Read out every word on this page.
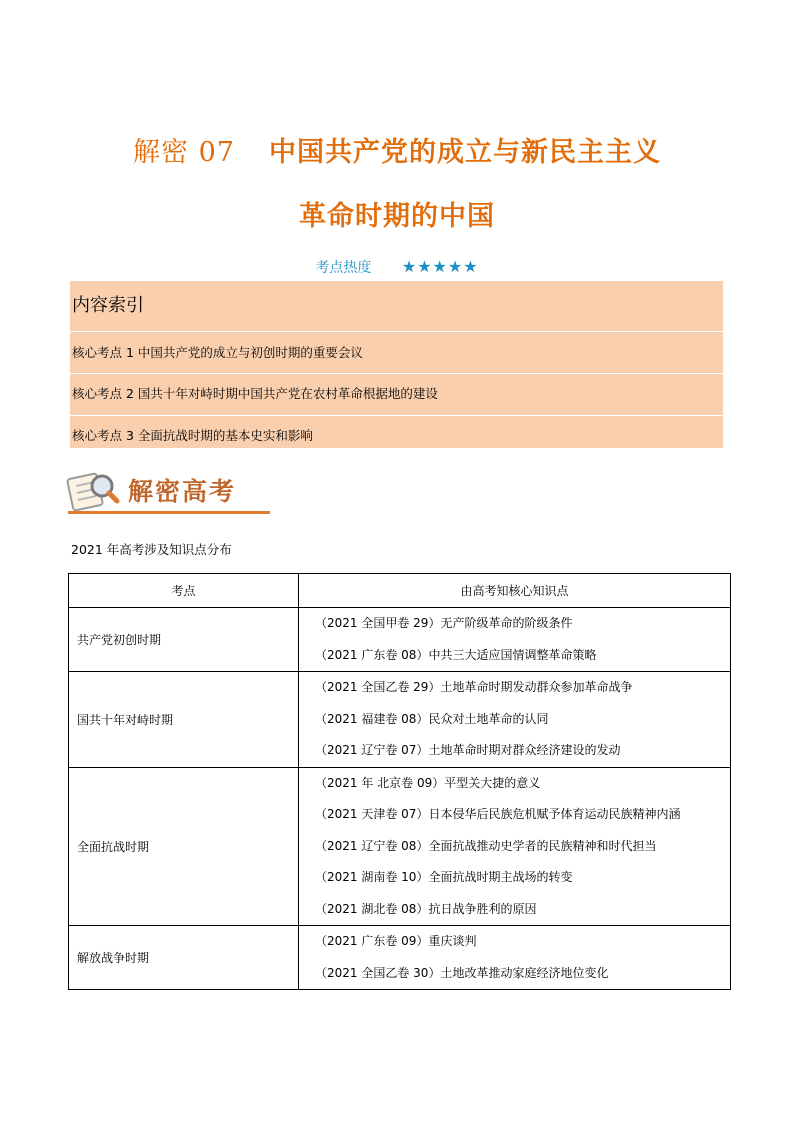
解密 07 中国共产党的成立与新民主主义
革命时期的中国
考点热度 ★★★★★
内容索引
核心考点 1 中国共产党的成立与初创时期的重要会议
核心考点 2 国共十年对峙时期中国共产党在农村革命根据地的建设
核心考点 3 全面抗战时期的基本史实和影响
解密高考
2021 年高考涉及知识点分布
考点	由高考知核心知识点
共产党初创时期	（2021 全国甲卷 29）无产阶级革命的阶级条件
（2021 广东卷 08）中共三大适应国情调整革命策略

国共十年对峙时期	（2021 全国乙卷 29）土地革命时期发动群众参加革命战争
（2021 福建卷 08）民众对土地革命的认同
（2021 辽宁卷 07）土地革命时期对群众经济建设的发动

全面抗战时期	（2021 年 北京卷 09）平型关大捷的意义
（2021 天津卷 07）日本侵华后民族危机赋予体育运动民族精神内涵
（2021 辽宁卷 08）全面抗战推动史学者的民族精神和时代担当
（2021 湖南卷 10）全面抗战时期主战场的转变
（2021 湖北卷 08）抗日战争胜利的原因

解放战争时期	（2021 广东卷 09）重庆谈判
（2021 全国乙卷 30）土地改革推动家庭经济地位变化
